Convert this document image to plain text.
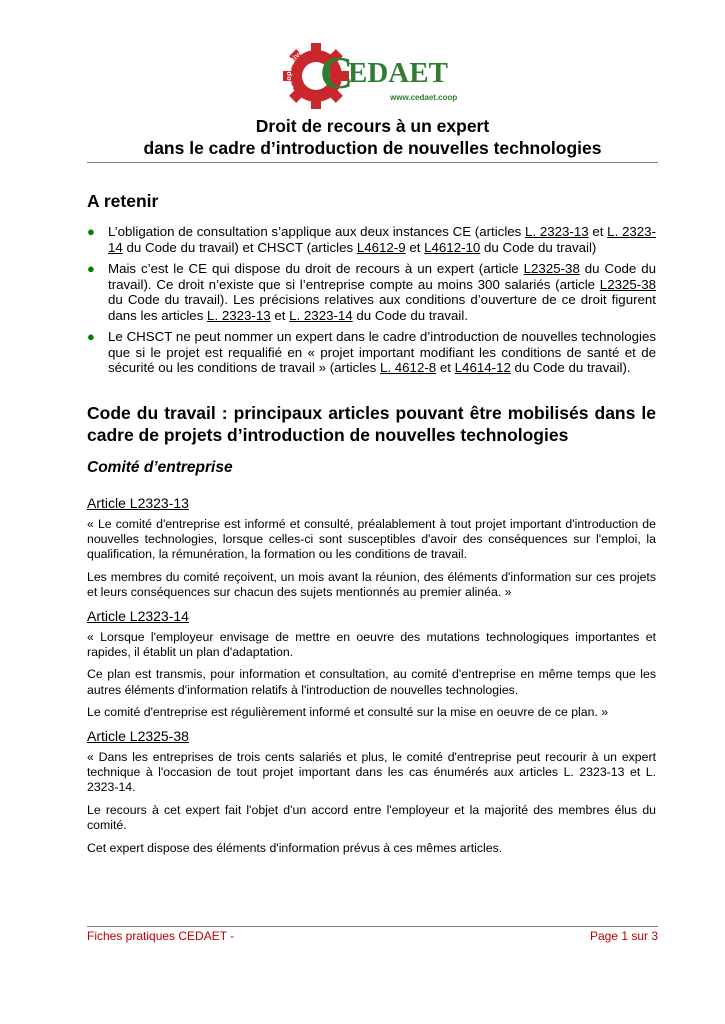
coopérative C
EDAET
www.cedaet.coop
Droit de recours à un expert
dans le cadre d’introduction de nouvelles technologies
A retenir
● L’obligation de consultation s’applique aux deux instances CE (articles L. 2323-13 et L. 2323-14 du Code du travail) et CHSCT (articles L4612-9 et L4612-10 du Code du travail)
● Mais c’est le CE qui dispose du droit de recours à un expert (article L2325-38 du Code du travail). Ce droit n’existe que si l’entreprise compte au moins 300 salariés (article L2325-38 du Code du travail). Les précisions relatives aux conditions d’ouverture de ce droit figurent dans les articles L. 2323-13 et L. 2323-14 du Code du travail.
● Le CHSCT ne peut nommer un expert dans le cadre d’introduction de nouvelles technologies que si le projet est requalifié en « projet important modifiant les conditions de santé et de sécurité ou les conditions de travail » (articles L. 4612-8 et L4614-12 du Code du travail).
Code du travail : principaux articles pouvant être mobilisés dans le cadre de projets d’introduction de nouvelles technologies
Comité d’entreprise
Article L2323-13

« Le comité d'entreprise est informé et consulté, préalablement à tout projet important d'introduction de nouvelles technologies, lorsque celles-ci sont susceptibles d'avoir des conséquences sur l'emploi, la qualification, la rémunération, la formation ou les conditions de travail.

Les membres du comité reçoivent, un mois avant la réunion, des éléments d'information sur ces projets et leurs conséquences sur chacun des sujets mentionnés au premier alinéa. »

Article L2323-14

« Lorsque l'employeur envisage de mettre en oeuvre des mutations technologiques importantes et rapides, il établit un plan d'adaptation.

Ce plan est transmis, pour information et consultation, au comité d'entreprise en même temps que les autres éléments d'information relatifs à l'introduction de nouvelles technologies.

Le comité d'entreprise est régulièrement informé et consulté sur la mise en oeuvre de ce plan. »

Article L2325-38

« Dans les entreprises de trois cents salariés et plus, le comité d'entreprise peut recourir à un expert technique à l'occasion de tout projet important dans les cas énumérés aux articles L. 2323-13 et L. 2323-14.

Le recours à cet expert fait l'objet d'un accord entre l'employeur et la majorité des membres élus du comité.

Cet expert dispose des éléments d'information prévus à ces mêmes articles.

Fiches pratiques CEDAET -	Page 1 sur 3
